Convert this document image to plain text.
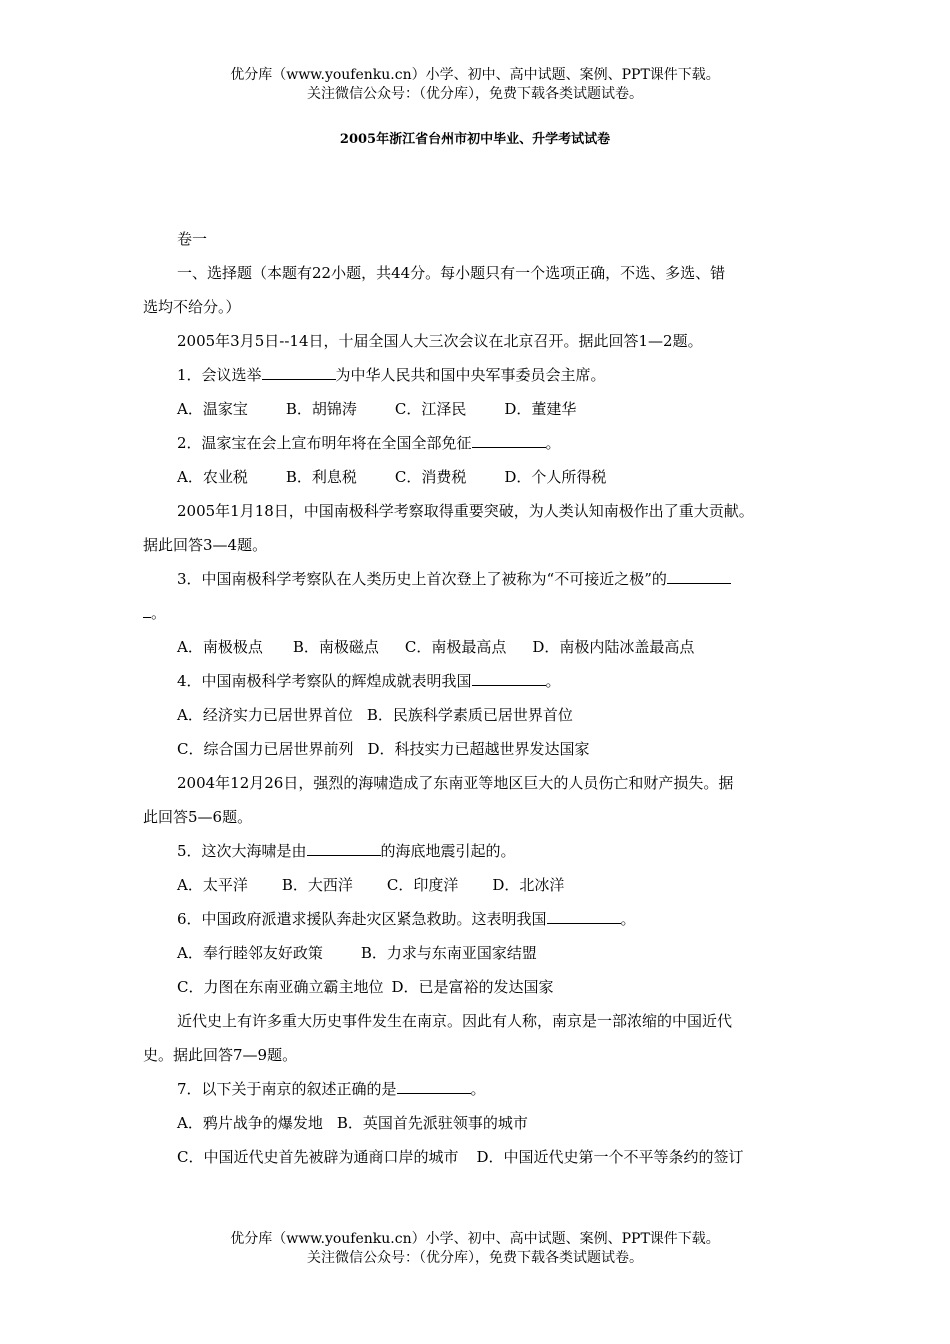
优分库（www.youfenku.cn）小学、初中、高中试题、案例、PPT课件下载。
关注微信公众号：（优分库），免费下载各类试题试卷。
2005年浙江省台州市初中毕业、升学考试试卷
卷一
一、选择题（本题有22小题，共44分。每小题只有一个选项正确，不选、多选、错
选均不给分。）
2005年3月5日--14日，十届全国人大三次会议在北京召开。据此回答1—2题。
1．会议选举	为中华人民共和国中央军事委员会主席。
A．温家宝	B．胡锦涛	C．江泽民	D．董建华
2．温家宝在会上宣布明年将在全国全部免征	。
A．农业税	B．利息税	C．消费税	D．个人所得税
2005年1月18日，中国南极科学考察取得重要突破，为人类认知南极作出了重大贡献。
据此回答3—4题。
3．中国南极科学考察队在人类历史上首次登上了被称为“不可接近之极”的
。
A．南极极点 B．南极磁点 C．南极最高点 D．南极内陆冰盖最高点
4．中国南极科学考察队的辉煌成就表明我国	。
A．经济实力已居世界首位 B．民族科学素质已居世界首位
C．综合国力已居世界前列 D．科技实力已超越世界发达国家
2004年12月26日，强烈的海啸造成了东南亚等地区巨大的人员伤亡和财产损失。据
此回答5—6题。
5．这次大海啸是由	的海底地震引起的。
A．太平洋 B．大西洋 C．印度洋 D．北冰洋
6．中国政府派遣求援队奔赴灾区紧急救助。这表明我国	。
A．奉行睦邻友好政策	B．力求与东南亚国家结盟
C．力图在东南亚确立霸主地位 D．已是富裕的发达国家
近代史上有许多重大历史事件发生在南京。因此有人称，南京是一部浓缩的中国近代
史。据此回答7—9题。
7．以下关于南京的叙述正确的是	。
A．鸦片战争的爆发地 B．英国首先派驻领事的城市
C．中国近代史首先被辟为通商口岸的城市 D．中国近代史第一个不平等条约的签订
优分库（www.youfenku.cn）小学、初中、高中试题、案例、PPT课件下载。
关注微信公众号：（优分库），免费下载各类试题试卷。
